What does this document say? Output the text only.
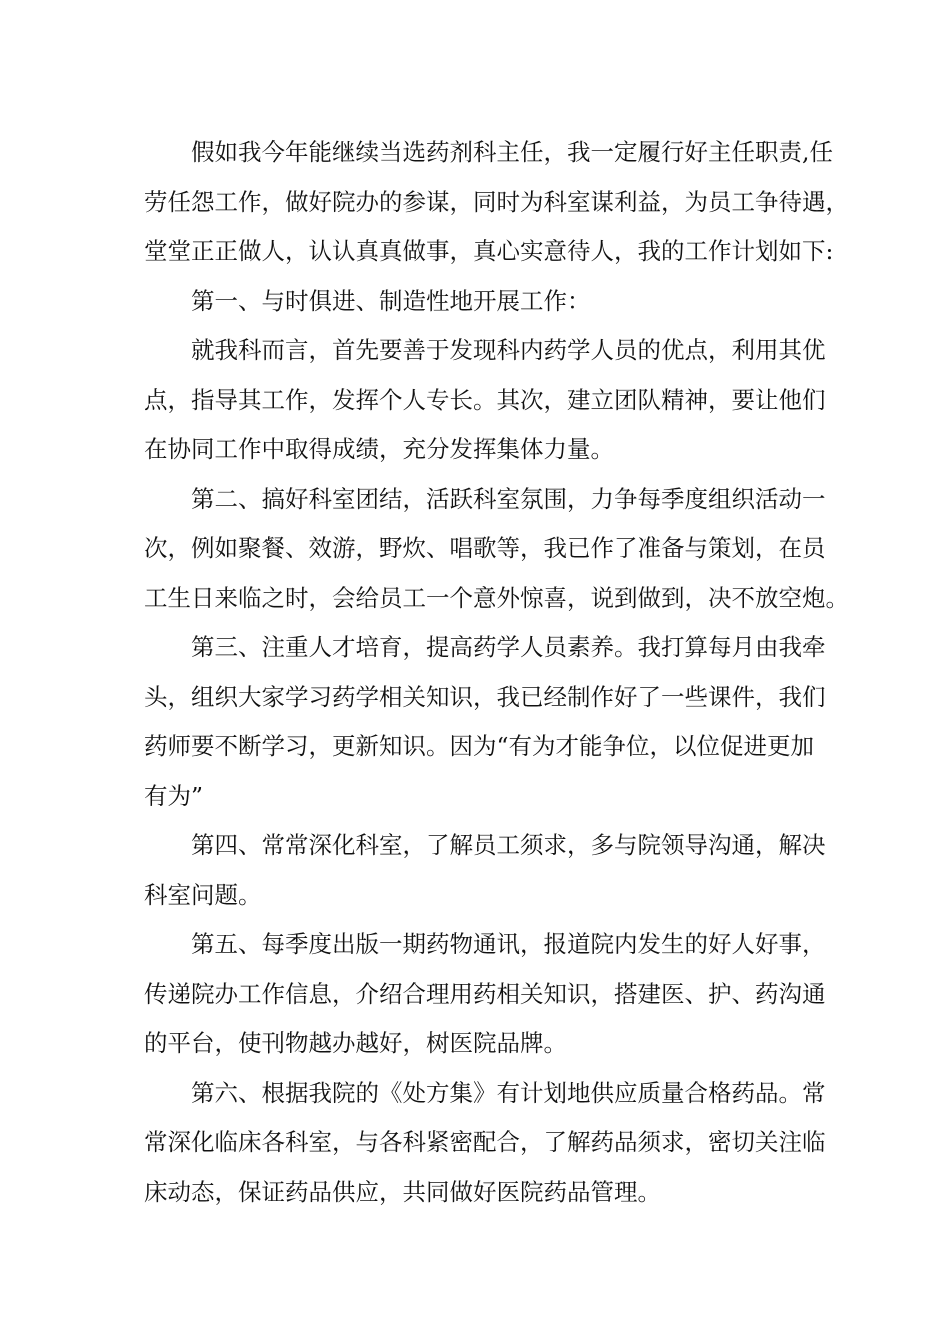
假如我今年能继续当选药剂科主任，我一定履行好主任职责,任
劳任怨工作，做好院办的参谋，同时为科室谋利益，为员工争待遇，
堂堂正正做人，认认真真做事，真心实意待人，我的工作计划如下:

第一、与时俱进、制造性地开展工作：

就我科而言，首先要善于发现科内药学人员的优点，利用其优
点，指导其工作，发挥个人专长。其次，建立团队精神，要让他们
在协同工作中取得成绩，充分发挥集体力量。

第二、搞好科室团结，活跃科室氛围，力争每季度组织活动一
次，例如聚餐、效游，野炊、唱歌等，我已作了准备与策划，在员
工生日来临之时，会给员工一个意外惊喜，说到做到，决不放空炮。

第三、注重人才培育，提高药学人员素养。我打算每月由我牵
头，组织大家学习药学相关知识，我已经制作好了一些课件，我们
药师要不断学习，更新知识。因为“有为才能争位，以位促进更加
有为”

第四、常常深化科室，了解员工须求，多与院领导沟通，解决
科室问题。

第五、每季度出版一期药物通讯，报道院内发生的好人好事，
传递院办工作信息，介绍合理用药相关知识，搭建医、护、药沟通
的平台，使刊物越办越好，树医院品牌。

第六、根据我院的《处方集》有计划地供应质量合格药品。常
常深化临床各科室，与各科紧密配合，了解药品须求，密切关注临
床动态，保证药品供应，共同做好医院药品管理。
